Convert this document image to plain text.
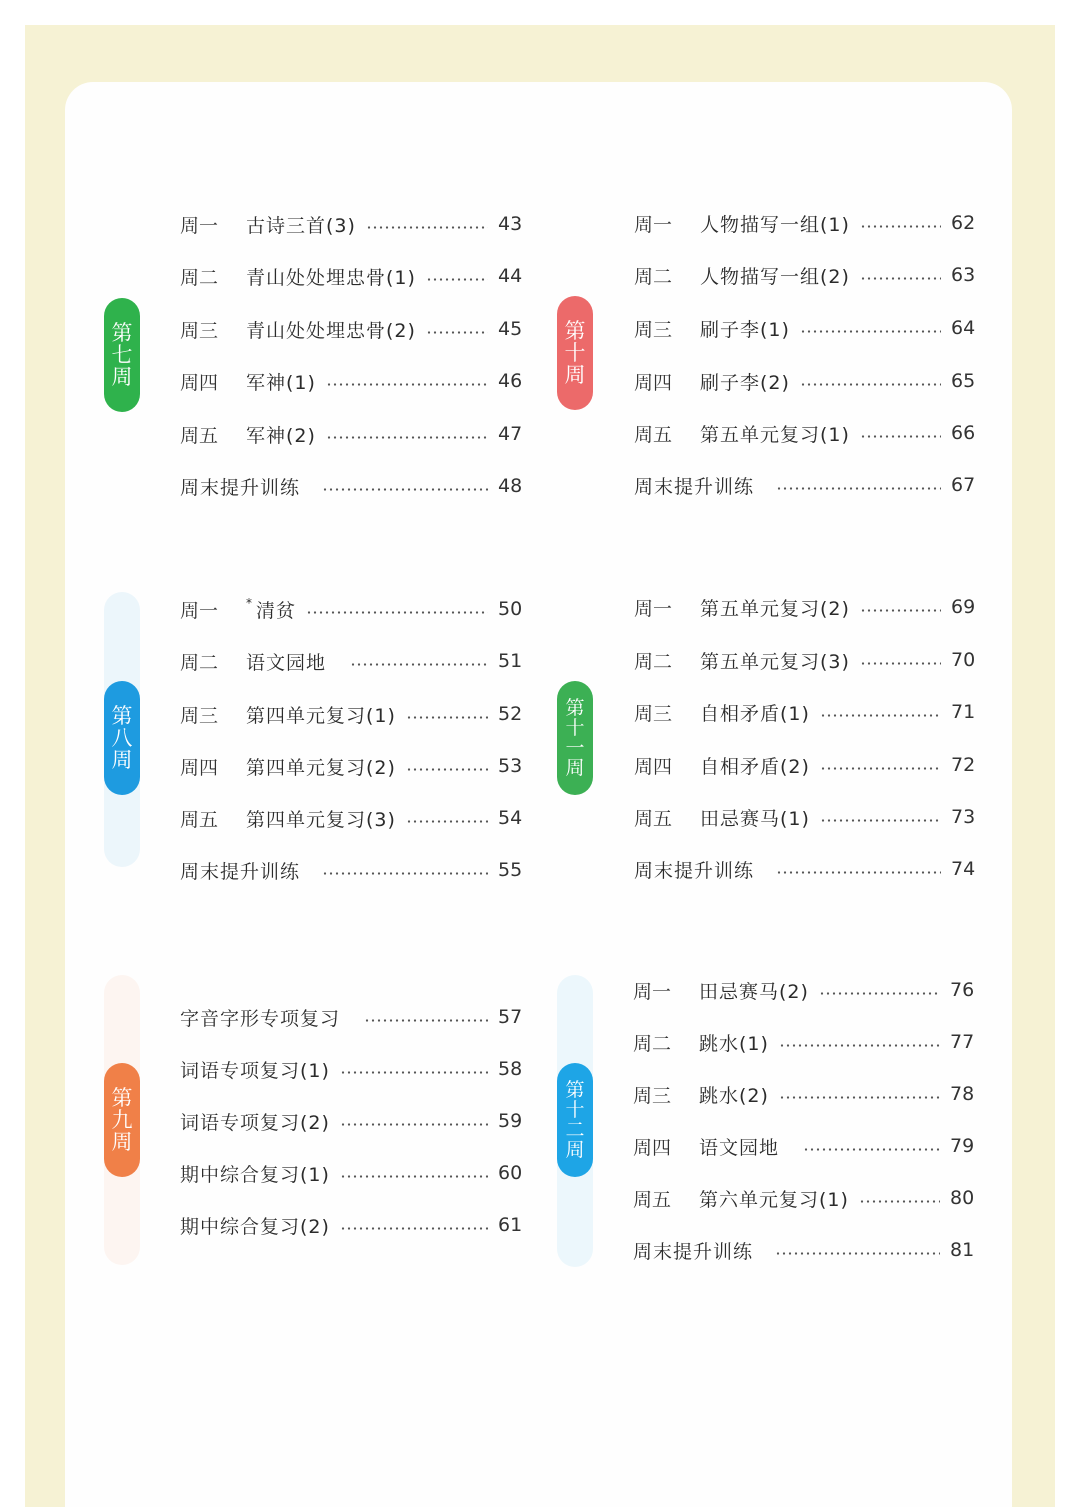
第
七
周
周一	古诗三首(3)	43
周二	青山处处埋忠骨(1)	44
周三	青山处处埋忠骨(2)	45
周四	军神(1)	46
周五	军神(2)	47
周末提升训练	48
第
八
周
周一	* 清贫	50
周二	语文园地	51
周三	第四单元复习(1)	52
周四	第四单元复习(2)	53
周五	第四单元复习(3)	54
周末提升训练	55
第
九
周
字音字形专项复习	57
词语专项复习(1)	58
词语专项复习(2)	59
期中综合复习(1)	60
期中综合复习(2)	61
第
十
周
周一	人物描写一组(1)	62
周二	人物描写一组(2)	63
周三	刷子李(1)	64
周四	刷子李(2)	65
周五	第五单元复习(1)	66
周末提升训练	67
第
十
一
周
周一	第五单元复习(2)	69
周二	第五单元复习(3)	70
周三	自相矛盾(1)	71
周四	自相矛盾(2)	72
周五	田忌赛马(1)	73
周末提升训练	74
第
十
二
周
周一	田忌赛马(2)	76
周二	跳水(1)	77
周三	跳水(2)	78
周四	语文园地	79
周五	第六单元复习(1)	80
周末提升训练	81
